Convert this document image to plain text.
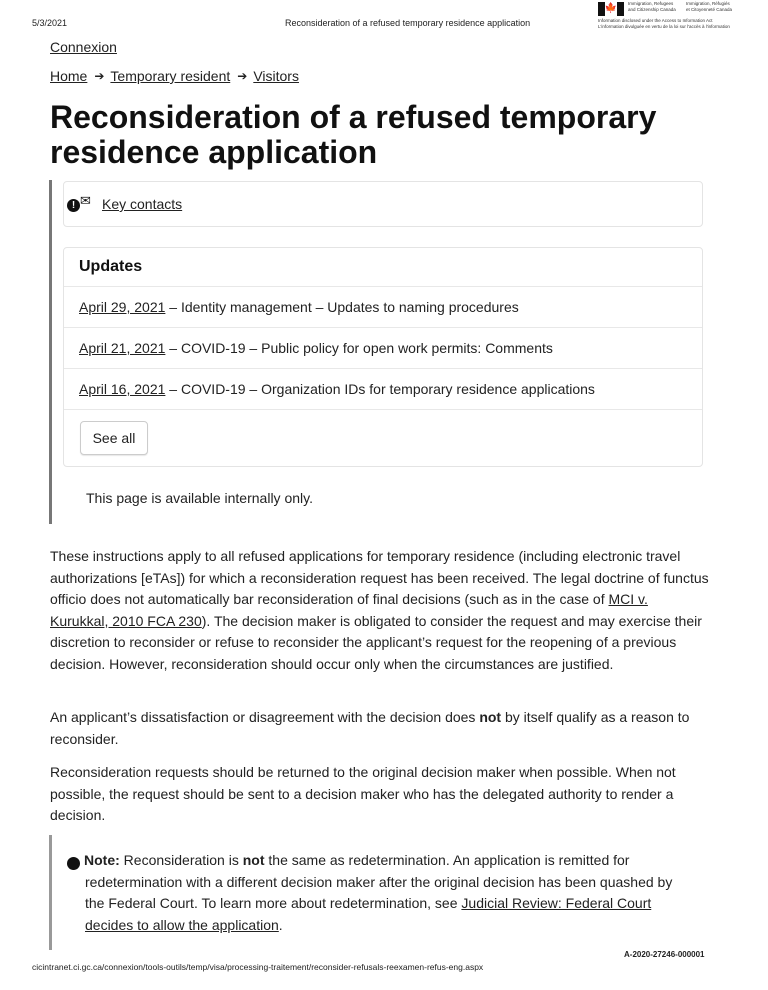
5/3/2021	Reconsideration of a refused temporary residence application
🍁 Immigration, Refugees	Immigration, Réfugiés
and Citizenship Canada	et Citoyenneté Canada
Information disclosed under the Access to Information Act
L'information divulguée en vertu de la loi sur l'accès à l'information
Connexion
Home ➔ Temporary resident ➔ Visitors
Reconsideration of a refused temporary residence application
! ✉ Key contacts
Updates
April 29, 2021 – Identity management – Updates to naming procedures
April 21, 2021 – COVID-19 – Public policy for open work permits: Comments
April 16, 2021 – COVID-19 – Organization IDs for temporary residence applications
See all
This page is available internally only.

These instructions apply to all refused applications for temporary residence (including electronic travel authorizations [eTAs]) for which a reconsideration request has been received. The legal doctrine of functus officio does not automatically bar reconsideration of final decisions (such as in the case of MCI v. Kurukkal, 2010 FCA 230). The decision maker is obligated to consider the request and may exercise their discretion to reconsider or refuse to reconsider the applicant’s request for the reopening of a previous decision. However, reconsideration should occur only when the circumstances are justified.

An applicant’s dissatisfaction or disagreement with the decision does not by itself qualify as a reason to reconsider.

Reconsideration requests should be returned to the original decision maker when possible. When not possible, the request should be sent to a decision maker who has the delegated authority to render a decision.

i Note: Reconsideration is not the same as redetermination. An application is remitted for redetermination with a different decision maker after the original decision has been quashed by the Federal Court. To learn more about redetermination, see Judicial Review: Federal Court decides to allow the application.
A-2020-27246-000001
cicintranet.ci.gc.ca/connexion/tools-outils/temp/visa/processing-traitement/reconsider-refusals-reexamen-refus-eng.aspx
